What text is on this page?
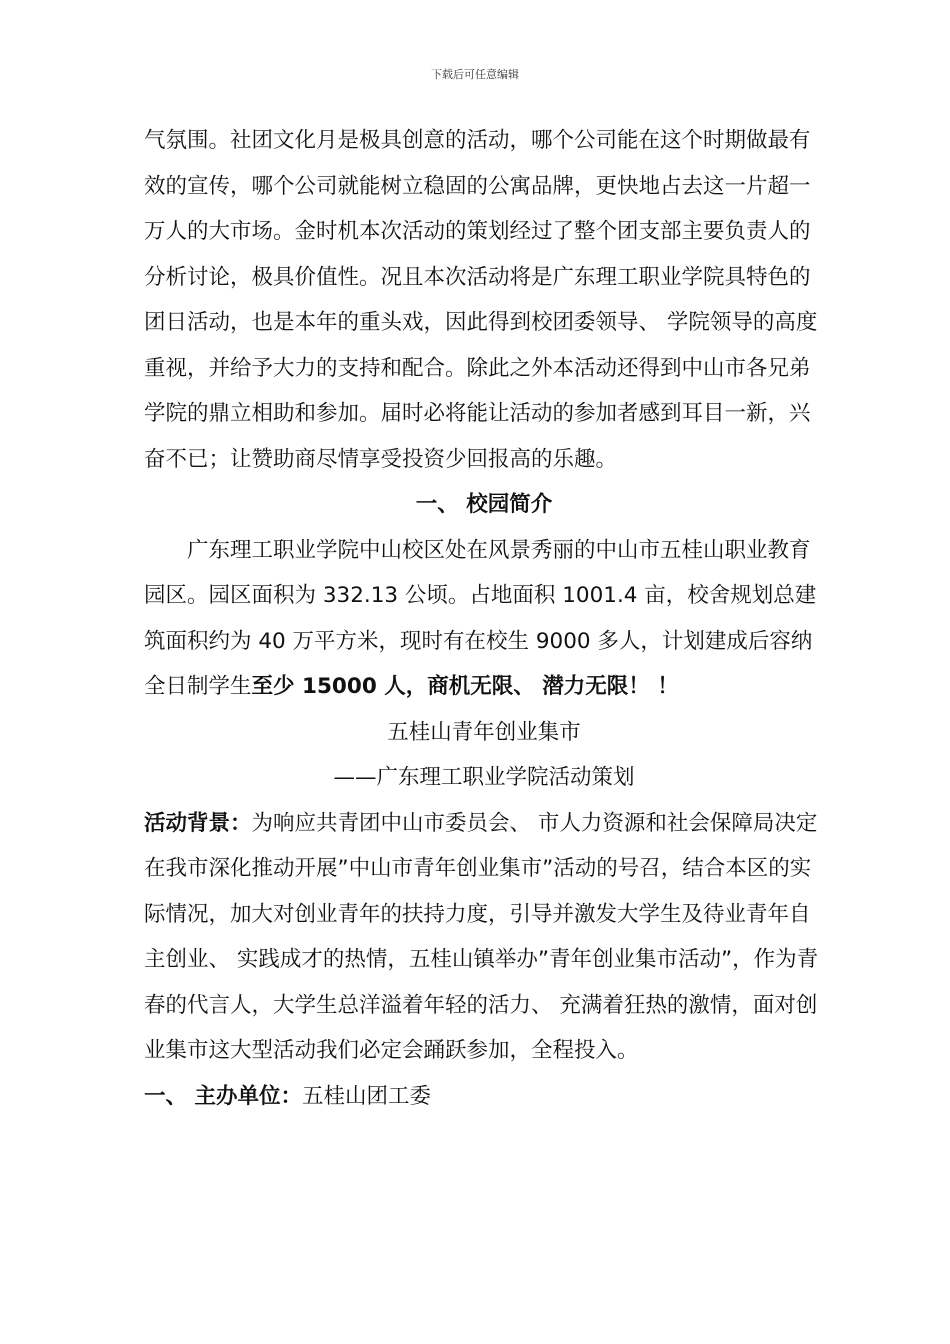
下载后可任意编辑

气氛围。社团文化月是极具创意的活动，哪个公司能在这个时期做最有效的宣传，哪个公司就能树立稳固的公寓品牌，更快地占去这一片超一万人的大市场。金时机本次活动的策划经过了整个团支部主要负责人的分析讨论，极具价值性。况且本次活动将是广东理工职业学院具特色的团日活动，也是本年的重头戏，因此得到校团委领导、 学院领导的高度重视，并给予大力的支持和配合。除此之外本活动还得到中山市各兄弟学院的鼎立相助和参加。届时必将能让活动的参加者感到耳目一新，兴奋不已；让赞助商尽情享受投资少回报高的乐趣。

一、 校园简介

广东理工职业学院中山校区处在风景秀丽的中山市五桂山职业教育园区。园区面积为 332.13 公顷。占地面积 1001.4 亩，校舍规划总建筑面积约为 40 万平方米，现时有在校生 9000 多人，计划建成后容纳全日制学生至少 15000 人，商机无限、 潜力无限！ ！

五桂山青年创业集市

——广东理工职业学院活动策划

活动背景：为响应共青团中山市委员会、 市人力资源和社会保障局决定在我市深化推动开展”中山市青年创业集市”活动的号召，结合本区的实际情况，加大对创业青年的扶持力度，引导并激发大学生及待业青年自主创业、 实践成才的热情，五桂山镇举办”青年创业集市活动”，作为青春的代言人，大学生总洋溢着年轻的活力、 充满着狂热的激情，面对创业集市这大型活动我们必定会踊跃参加，全程投入。

一、 主办单位：五桂山团工委
